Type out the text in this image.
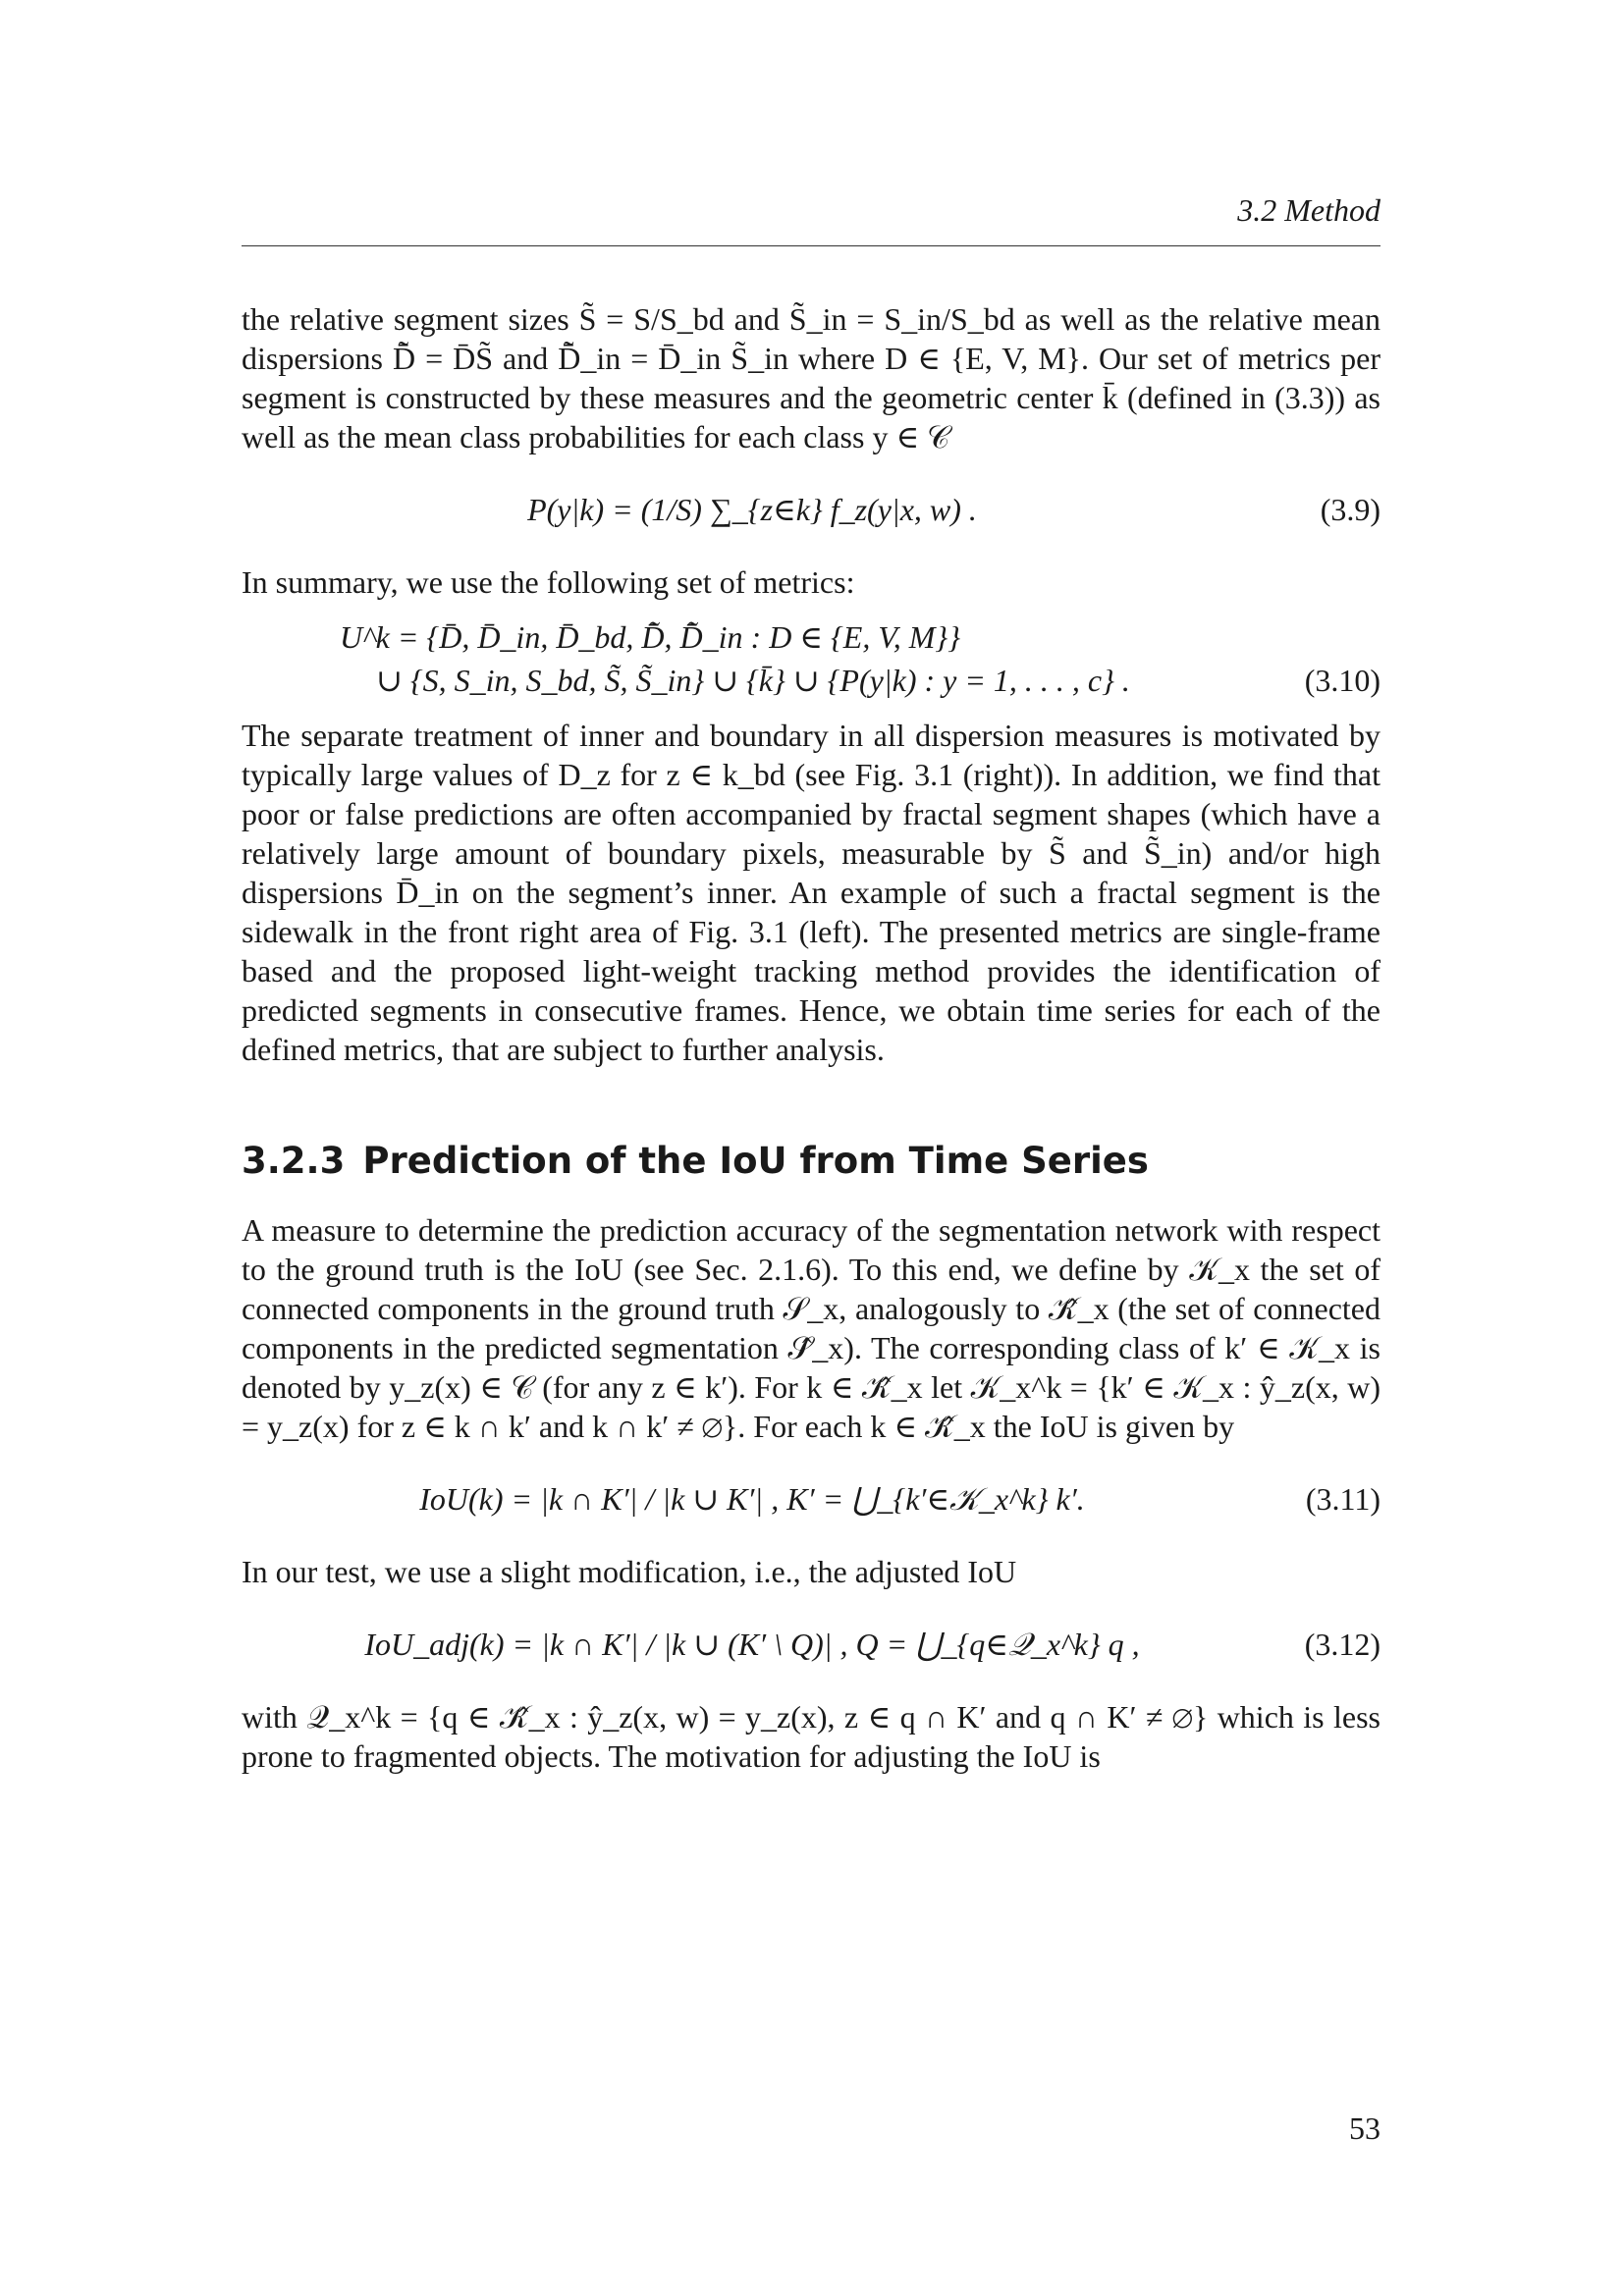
3.2 Method

the relative segment sizes S̃ = S/S_bd and S̃_in = S_in/S_bd as well as the relative mean dispersions D̄̃ = D̄S̃ and D̄̃_in = D̄_in S̃_in where D ∈ {E, V, M}. Our set of metrics per segment is constructed by these measures and the geometric center k̄ (defined in (3.3)) as well as the mean class probabilities for each class y ∈ 𝒞

P(y|k) = (1/S) ∑_{z∈k} f_z(y|x, w) .	(3.9)

In summary, we use the following set of metrics:

U^k = {D̄, D̄_in, D̄_bd, D̄̃, D̄̃_in : D ∈ {E, V, M}}
∪ {S, S_in, S_bd, S̃, S̃_in} ∪ {k̄} ∪ {P(y|k) : y = 1, . . . , c} .	(3.10)

The separate treatment of inner and boundary in all dispersion measures is motivated by typically large values of D_z for z ∈ k_bd (see Fig. 3.1 (right)). In addition, we find that poor or false predictions are often accompanied by fractal segment shapes (which have a relatively large amount of boundary pixels, measurable by S̃ and S̃_in) and/or high dispersions D̄_in on the segment’s inner. An example of such a fractal segment is the sidewalk in the front right area of Fig. 3.1 (left). The presented metrics are single-frame based and the proposed light-weight tracking method provides the identification of predicted segments in consecutive frames. Hence, we obtain time series for each of the defined metrics, that are subject to further analysis.

3.2.3 Prediction of the IoU from Time Series

A measure to determine the prediction accuracy of the segmentation network with respect to the ground truth is the IoU (see Sec. 2.1.6). To this end, we define by 𝒦_x the set of connected components in the ground truth 𝒮_x, analogously to 𝒦̂_x (the set of connected components in the predicted segmentation 𝒮̂_x). The corresponding class of k′ ∈ 𝒦_x is denoted by y_z(x) ∈ 𝒞 (for any z ∈ k′). For k ∈ 𝒦̂_x let 𝒦_x^k = {k′ ∈ 𝒦_x : ŷ_z(x, w) = y_z(x) for z ∈ k ∩ k′ and k ∩ k′ ≠ ∅}. For each k ∈ 𝒦̂_x the IoU is given by

IoU(k) = |k ∩ K′| / |k ∪ K′| , K′ = ⋃_{k′∈𝒦_x^k} k′.	(3.11)

In our test, we use a slight modification, i.e., the adjusted IoU

IoU_adj(k) = |k ∩ K′| / |k ∪ (K′ \ Q)| , Q = ⋃_{q∈𝒬_x^k} q ,	(3.12)

with 𝒬_x^k = {q ∈ 𝒦̂_x : ŷ_z(x, w) = y_z(x), z ∈ q ∩ K′ and q ∩ K′ ≠ ∅} which is less prone to fragmented objects. The motivation for adjusting the IoU is

53
